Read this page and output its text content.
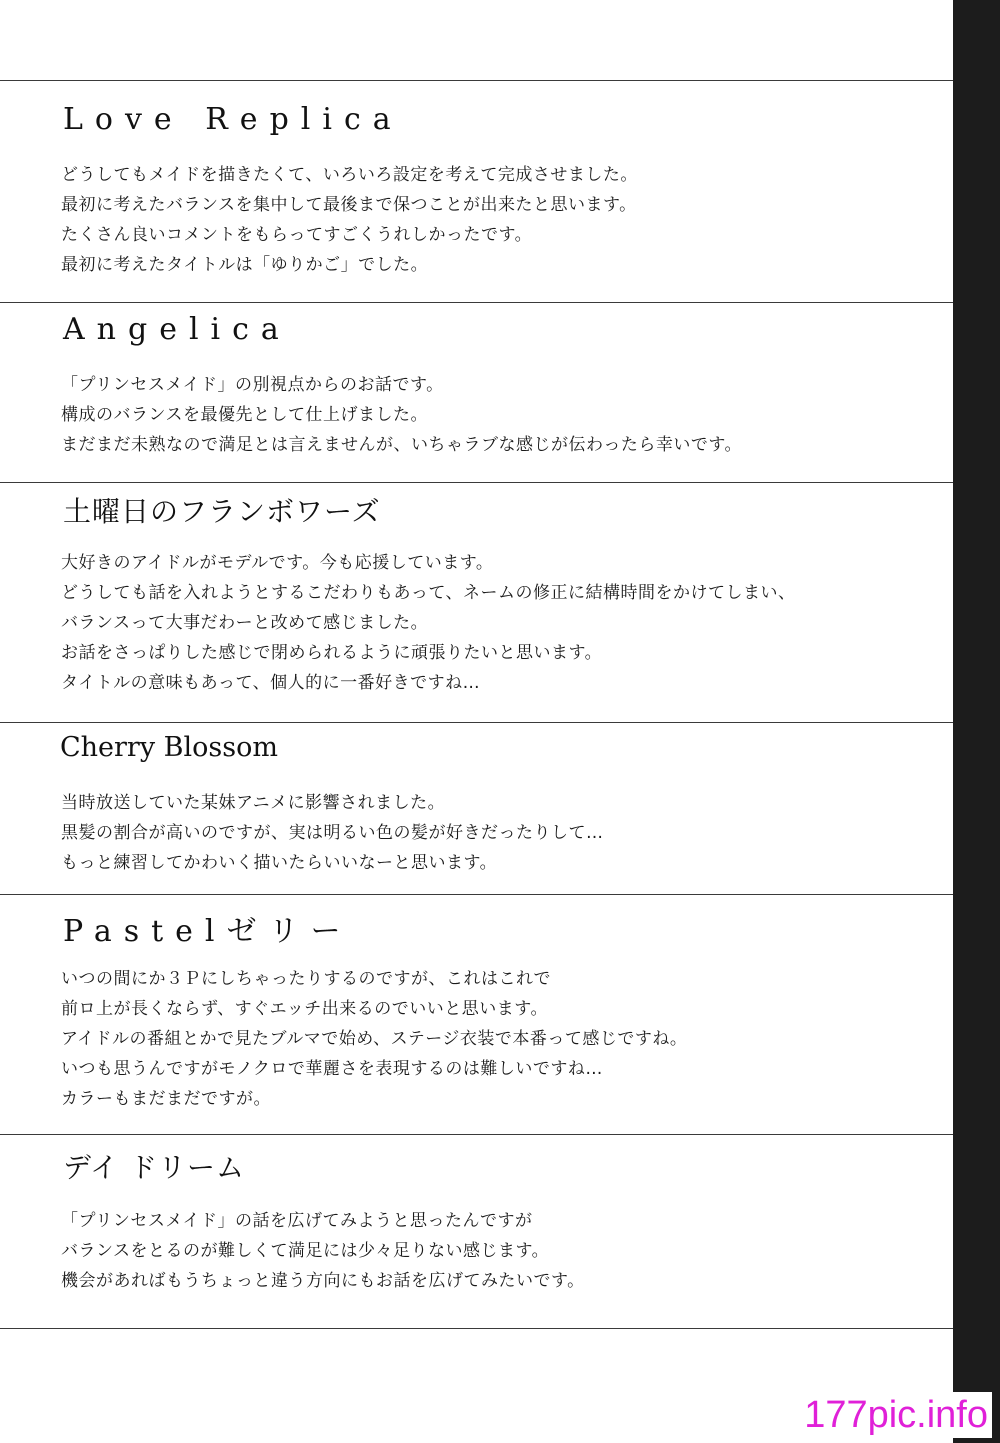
Love Replica
どうしてもメイドを描きたくて、いろいろ設定を考えて完成させました。
最初に考えたバランスを集中して最後まで保つことが出来たと思います。
たくさん良いコメントをもらってすごくうれしかったです。
最初に考えたタイトルは「ゆりかご」でした。
Angelica
「プリンセスメイド」の別視点からのお話です。
構成のバランスを最優先として仕上げました。
まだまだ未熟なので満足とは言えませんが、いちゃラブな感じが伝わったら幸いです。
土曜日のフランボワーズ
大好きのアイドルがモデルです。今も応援しています。
どうしても話を入れようとするこだわりもあって、ネームの修正に結構時間をかけてしまい、
バランスって大事だわーと改めて感じました。
お話をさっぱりした感じで閉められるように頑張りたいと思います。
タイトルの意味もあって、個人的に一番好きですね…
Cherry Blossom
当時放送していた某妹アニメに影響されました。
黒髪の割合が高いのですが、実は明るい色の髪が好きだったりして…
もっと練習してかわいく描いたらいいなーと思います。
Pastelゼリー
いつの間にか３Ｐにしちゃったりするのですが、これはこれで
前ロ上が長くならず、すぐエッチ出来るのでいいと思います。
アイドルの番組とかで見たブルマで始め、ステージ衣装で本番って感じですね。
いつも思うんですがモノクロで華麗さを表現するのは難しいですね…
カラーもまだまだですが。
デイ ドリーム
「プリンセスメイド」の話を広げてみようと思ったんですが
バランスをとるのが難しくて満足には少々足りない感じます。
機会があればもうちょっと違う方向にもお話を広げてみたいです。
177pic.info
